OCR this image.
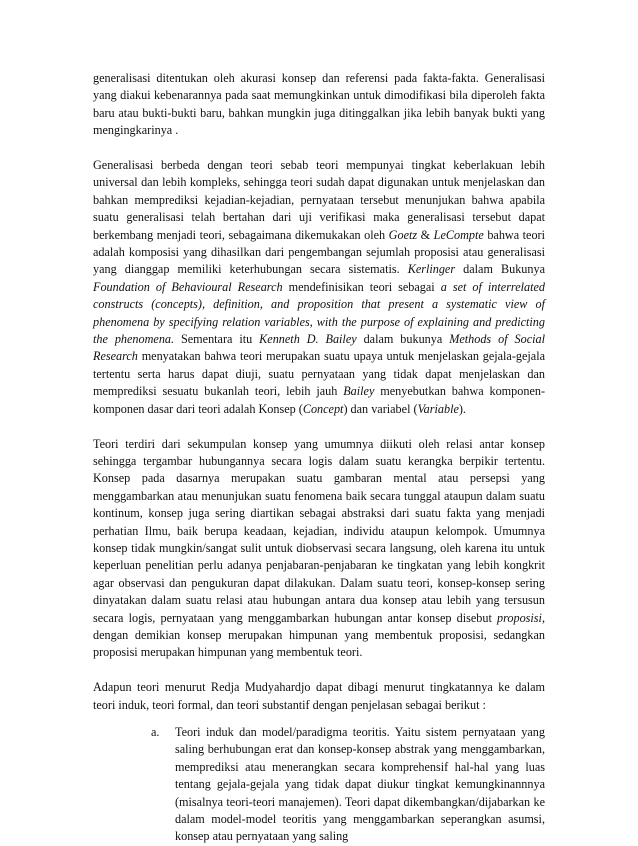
generalisasi ditentukan oleh akurasi konsep dan referensi pada fakta-fakta. Generalisasi yang diakui kebenarannya pada saat memungkinkan untuk dimodifikasi bila diperoleh fakta baru atau bukti-bukti baru, bahkan mungkin juga ditinggalkan jika lebih banyak bukti yang mengingkarinya .

Generalisasi berbeda dengan teori sebab teori mempunyai tingkat keberlakuan lebih universal dan lebih kompleks, sehingga teori sudah dapat digunakan untuk menjelaskan dan bahkan memprediksi kejadian-kejadian, pernyataan tersebut menunjukan bahwa apabila suatu generalisasi telah bertahan dari uji verifikasi maka generalisasi tersebut dapat berkembang menjadi teori, sebagaimana dikemukakan oleh Goetz & LeCompte bahwa teori adalah komposisi yang dihasilkan dari pengembangan sejumlah proposisi atau generalisasi yang dianggap memiliki keterhubungan secara sistematis. Kerlinger dalam Bukunya Foundation of Behavioural Research mendefinisikan teori sebagai a set of interrelated constructs (concepts), definition, and proposition that present a systematic view of phenomena by specifying relation variables, with the purpose of explaining and predicting the phenomena. Sementara itu Kenneth D. Bailey dalam bukunya Methods of Social Research menyatakan bahwa teori merupakan suatu upaya untuk menjelaskan gejala-gejala tertentu serta harus dapat diuji, suatu pernyataan yang tidak dapat menjelaskan dan memprediksi sesuatu bukanlah teori, lebih jauh Bailey menyebutkan bahwa komponen-komponen dasar dari teori adalah Konsep (Concept) dan variabel (Variable).

Teori terdiri dari sekumpulan konsep yang umumnya diikuti oleh relasi antar konsep sehingga tergambar hubungannya secara logis dalam suatu kerangka berpikir tertentu. Konsep pada dasarnya merupakan suatu gambaran mental atau persepsi yang menggambarkan atau menunjukan suatu fenomena baik secara tunggal ataupun dalam suatu kontinum, konsep juga sering diartikan sebagai abstraksi dari suatu fakta yang menjadi perhatian Ilmu, baik berupa keadaan, kejadian, individu ataupun kelompok. Umumnya konsep tidak mungkin/sangat sulit untuk diobservasi secara langsung, oleh karena itu untuk keperluan penelitian perlu adanya penjabaran-penjabaran ke tingkatan yang lebih kongkrit agar observasi dan pengukuran dapat dilakukan. Dalam suatu teori, konsep-konsep sering dinyatakan dalam suatu relasi atau hubungan antara dua konsep atau lebih yang tersusun secara logis, pernyataan yang menggambarkan hubungan antar konsep disebut proposisi, dengan demikian konsep merupakan himpunan yang membentuk proposisi, sedangkan proposisi merupakan himpunan yang membentuk teori.

Adapun teori menurut Redja Mudyahardjo dapat dibagi menurut tingkatannya ke dalam teori induk, teori formal, dan teori substantif dengan penjelasan sebagai berikut :

a. Teori induk dan model/paradigma teoritis. Yaitu sistem pernyataan yang saling berhubungan erat dan konsep-konsep abstrak yang menggambarkan, memprediksi atau menerangkan secara komprehensif hal-hal yang luas tentang gejala-gejala yang tidak dapat diukur tingkat kemungkinannnya (misalnya teori-teori manajemen). Teori dapat dikembangkan/dijabarkan ke dalam model-model teoritis yang menggambarkan seperangkan asumsi, konsep atau pernyataan yang saling
